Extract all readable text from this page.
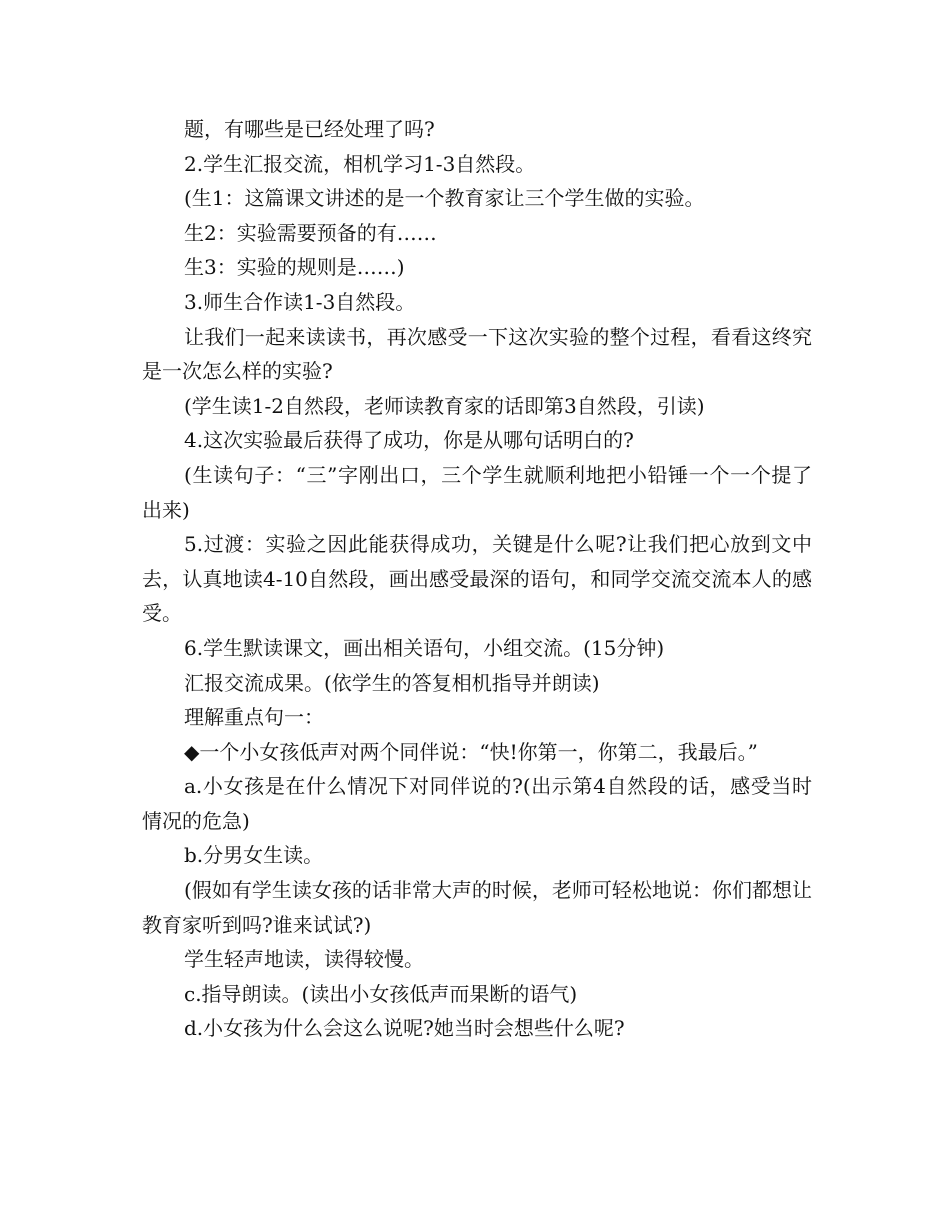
题，有哪些是已经处理了吗?

2.学生汇报交流，相机学习1-3自然段。

(生1：这篇课文讲述的是一个教育家让三个学生做的实验。

生2：实验需要预备的有……

生3：实验的规则是……)

3.师生合作读1-3自然段。

让我们一起来读读书，再次感受一下这次实验的整个过程，看看这终究是一次怎么样的实验?

(学生读1-2自然段，老师读教育家的话即第3自然段，引读)

4.这次实验最后获得了成功，你是从哪句话明白的?

(生读句子：“三”字刚出口，三个学生就顺利地把小铅锤一个一个提了出来)

5.过渡：实验之因此能获得成功，关键是什么呢?让我们把心放到文中去，认真地读4-10自然段，画出感受最深的语句，和同学交流交流本人的感受。

6.学生默读课文，画出相关语句，小组交流。(15分钟)

汇报交流成果。(依学生的答复相机指导并朗读)

理解重点句一：

◆一个小女孩低声对两个同伴说：“快!你第一，你第二，我最后。”

a.小女孩是在什么情况下对同伴说的?(出示第4自然段的话，感受当时情况的危急)

b.分男女生读。

(假如有学生读女孩的话非常大声的时候，老师可轻松地说：你们都想让教育家听到吗?谁来试试?)

学生轻声地读，读得较慢。

c.指导朗读。(读出小女孩低声而果断的语气)

d.小女孩为什么会这么说呢?她当时会想些什么呢?
